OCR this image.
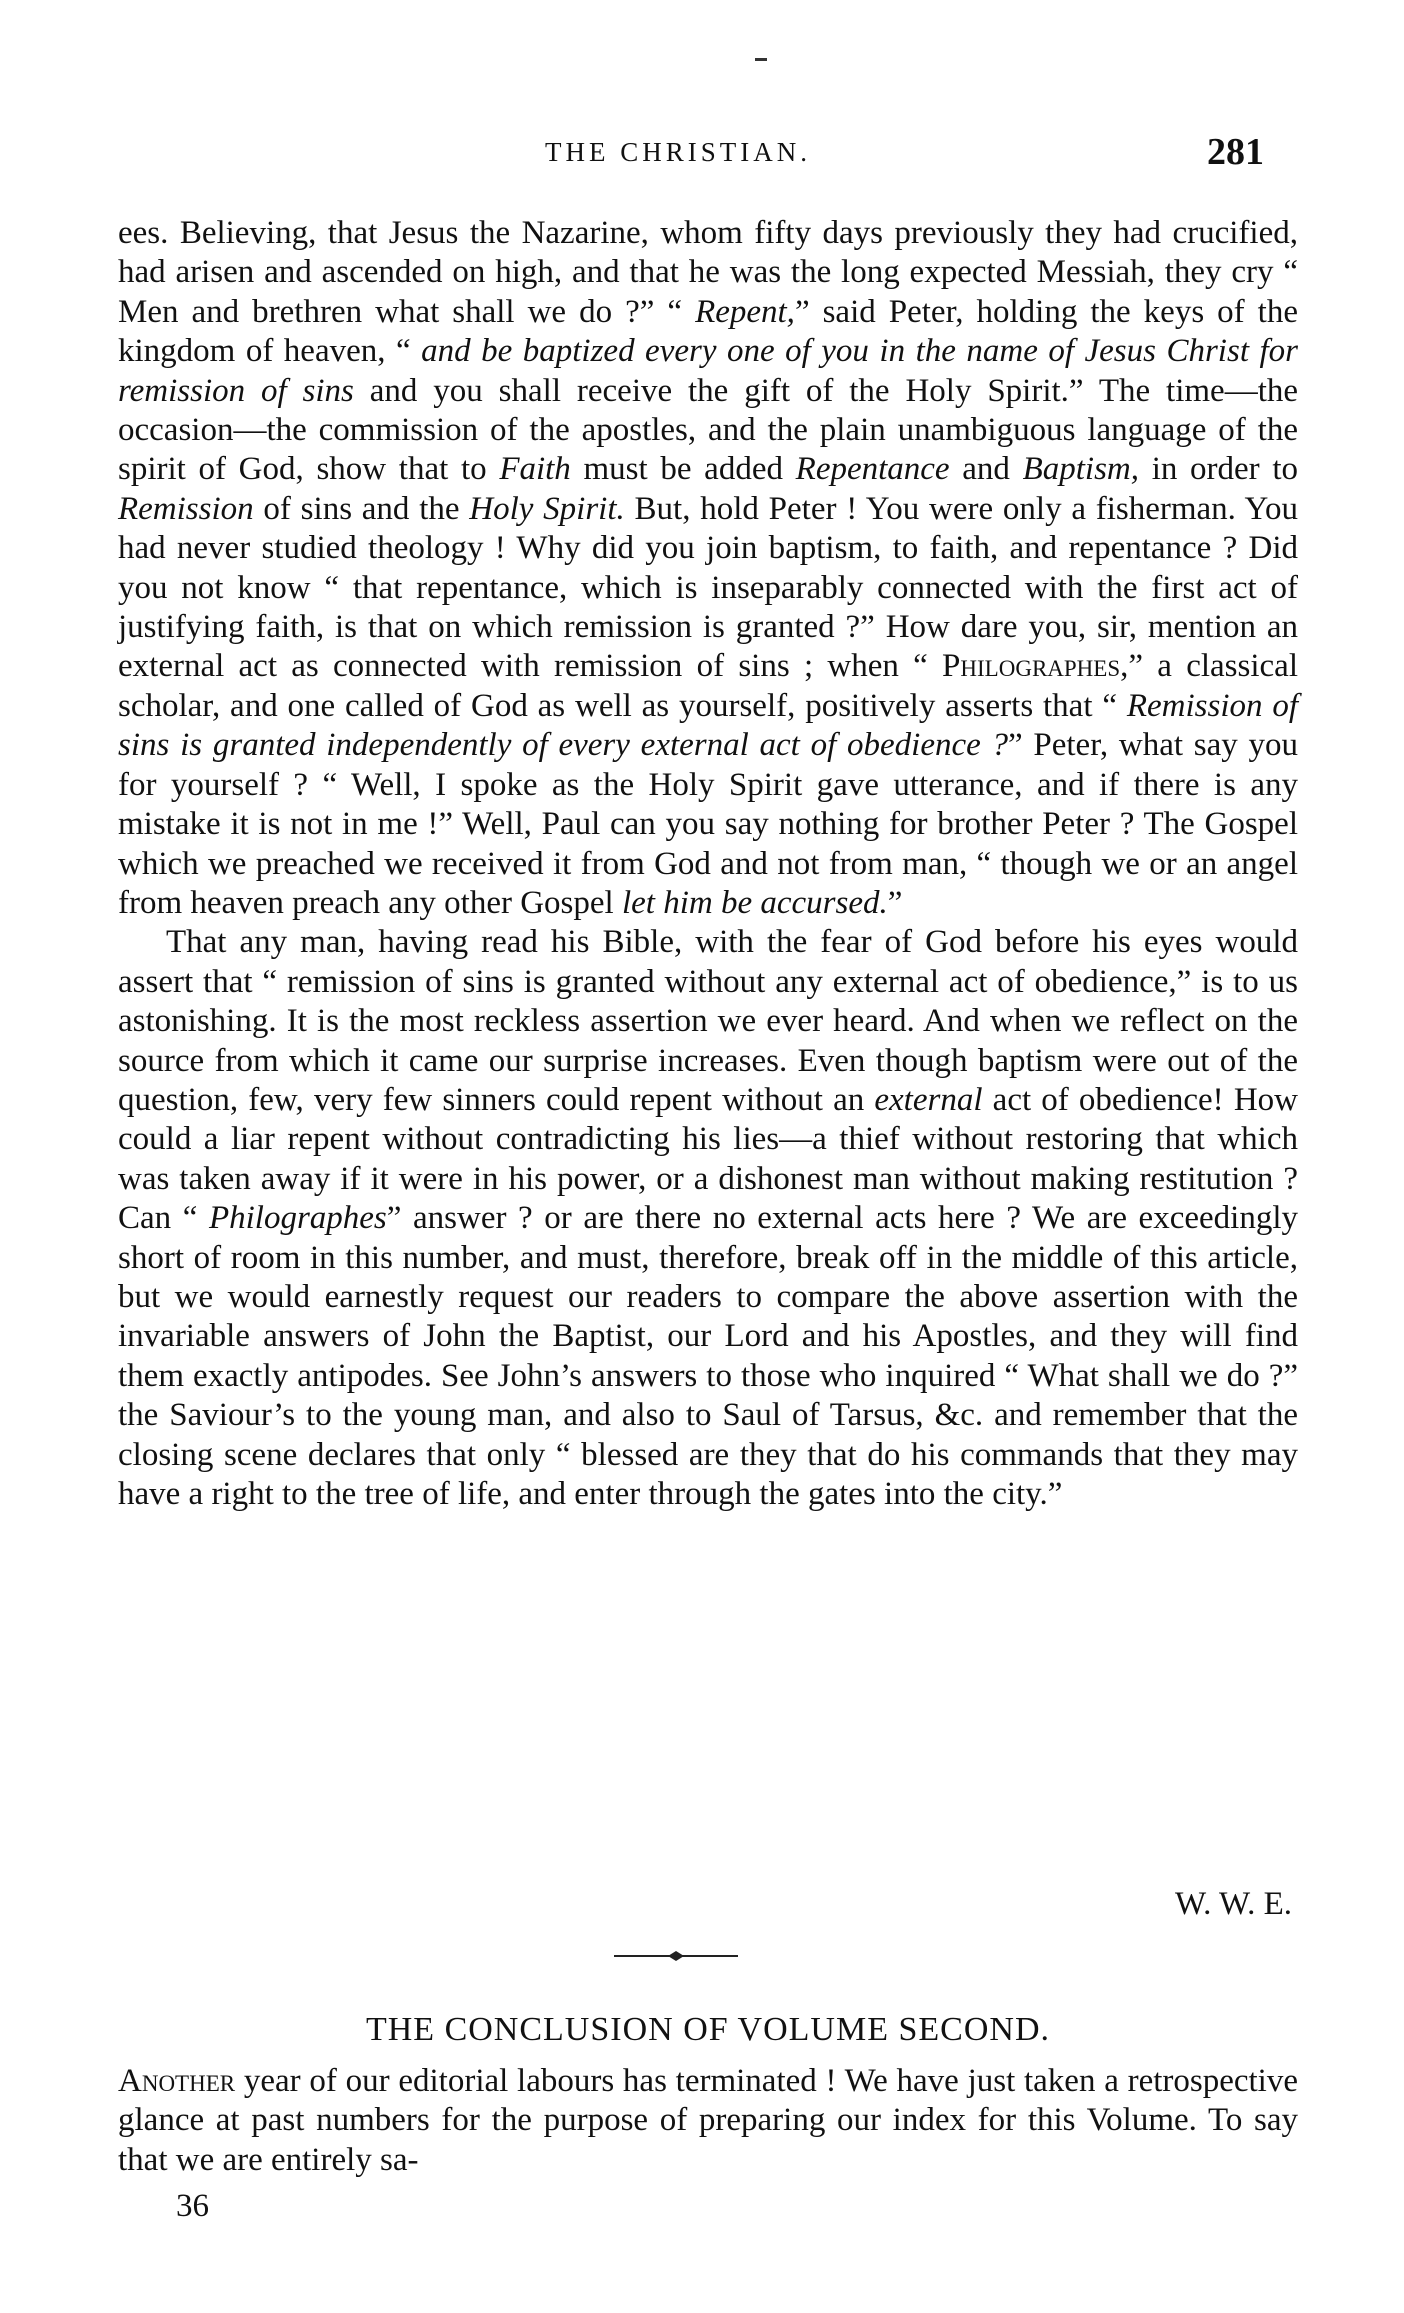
THE CHRISTIAN.	281

ees. Believing, that Jesus the Nazarine, whom fifty days previously they had crucified, had arisen and ascended on high, and that he was the long expected Messiah, they cry “ Men and brethren what shall we do ?” “ Repent,” said Peter, holding the keys of the kingdom of heaven, “ and be baptized every one of you in the name of Jesus Christ for remission of sins and you shall receive the gift of the Holy Spirit.” The time—the occasion—the commission of the apostles, and the plain unambiguous language of the spirit of God, show that to Faith must be added Repentance and Baptism, in order to Remission of sins and the Holy Spirit. But, hold Peter ! You were only a fisherman. You had never studied theology ! Why did you join baptism, to faith, and repentance ? Did you not know “ that repentance, which is inseparably connected with the first act of justifying faith, is that on which remission is granted ?” How dare you, sir, mention an external act as connected with remission of sins ; when “ Philographes,” a classical scholar, and one called of God as well as yourself, positively asserts that “ Remission of sins is granted independently of every external act of obedience ?” Peter, what say you for yourself ? “ Well, I spoke as the Holy Spirit gave utterance, and if there is any mistake it is not in me !” Well, Paul can you say nothing for brother Peter ? The Gospel which we preached we received it from God and not from man, “ though we or an angel from heaven preach any other Gospel let him be accursed.”

That any man, having read his Bible, with the fear of God before his eyes would assert that “ remission of sins is granted without any external act of obedience,” is to us astonishing. It is the most reckless assertion we ever heard. And when we reflect on the source from which it came our surprise increases. Even though baptism were out of the question, few, very few sinners could repent without an external act of obedience! How could a liar repent without contradicting his lies—a thief without restoring that which was taken away if it were in his power, or a dishonest man without making restitution ? Can “ Philographes” answer ? or are there no external acts here ? We are exceedingly short of room in this number, and must, therefore, break off in the middle of this article, but we would earnestly request our readers to compare the above assertion with the invariable answers of John the Baptist, our Lord and his Apostles, and they will find them exactly antipodes. See John’s answers to those who inquired “ What shall we do ?” the Saviour’s to the young man, and also to Saul of Tarsus, &c. and remember that the closing scene declares that only “ blessed are they that do his commands that they may have a right to the tree of life, and enter through the gates into the city.”

W. W. E.
THE CONCLUSION OF VOLUME SECOND.

Another year of our editorial labours has terminated ! We have just taken a retrospective glance at past numbers for the purpose of preparing our index for this Volume. To say that we are entirely sa-

36
